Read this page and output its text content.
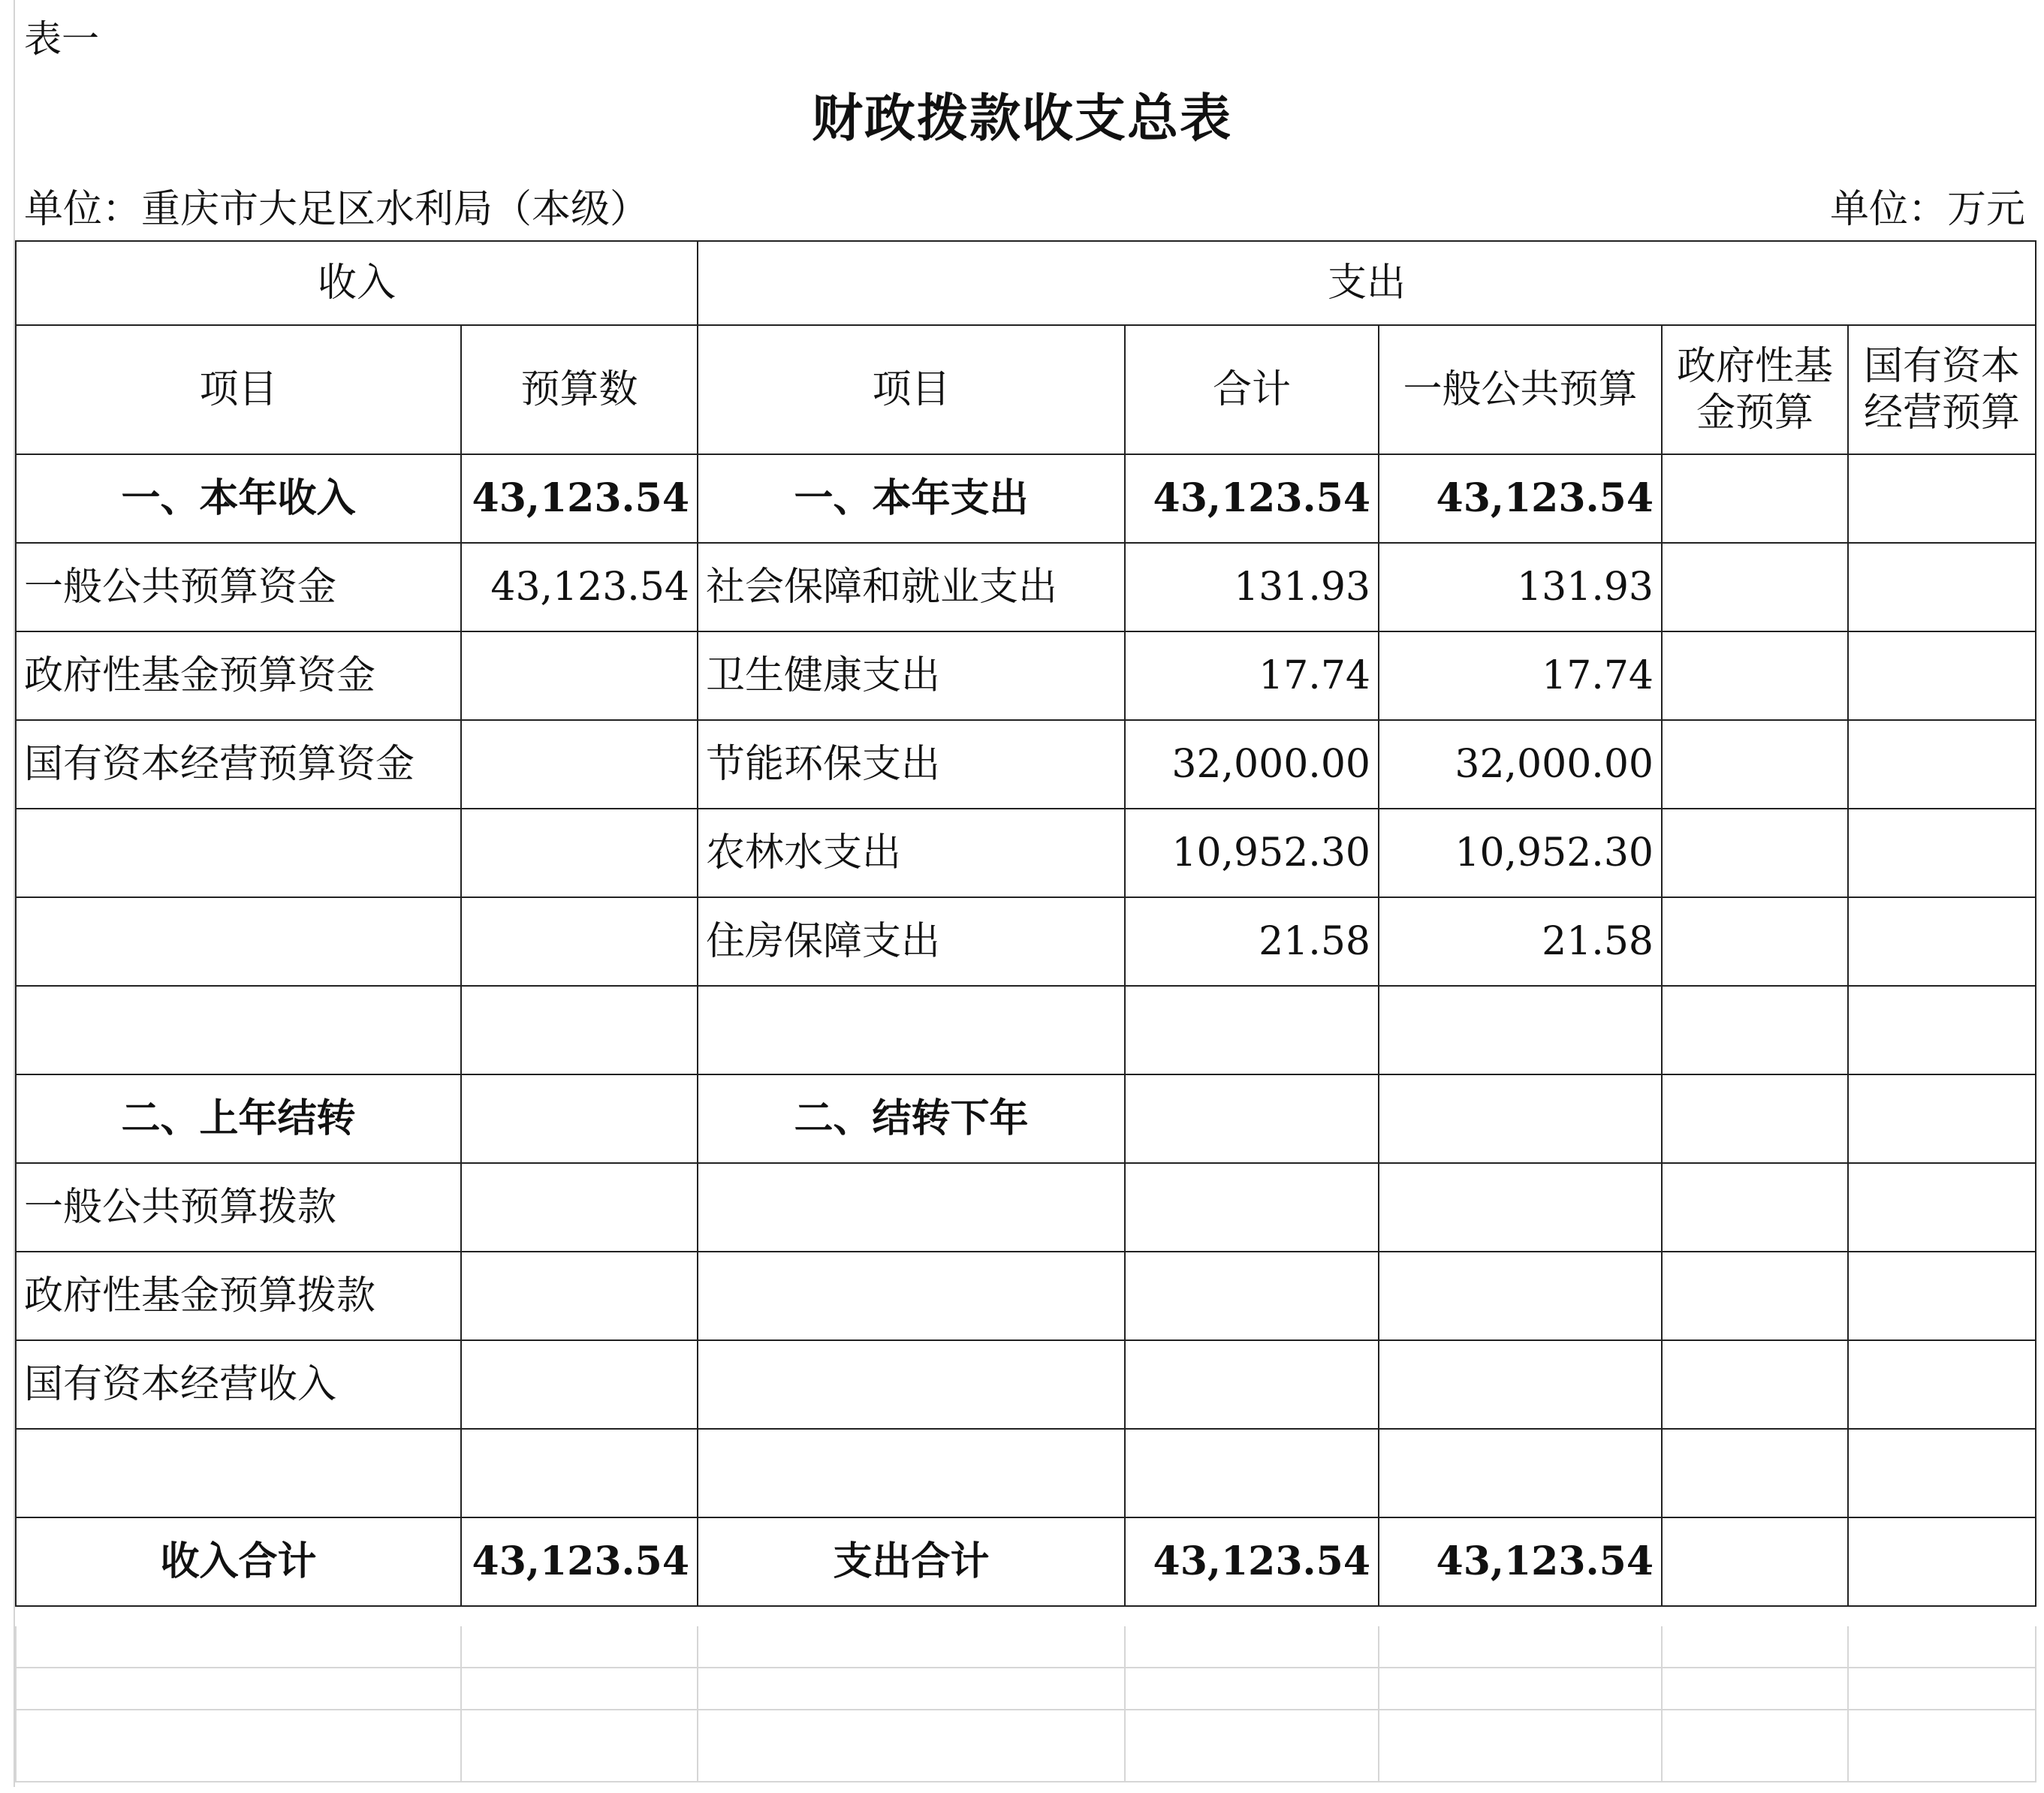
表一
财政拨款收支总表
单位：重庆市大足区水利局（本级）	单位：万元
收入		支出				
项目	预算数	项目	合计	一般公共预算	政府性基金预算	国有资本经营预算
一、本年收入	43,123.54	一、本年支出	43,123.54	43,123.54		
一般公共预算资金	43,123.54	社会保障和就业支出	131.93	131.93		
政府性基金预算资金		卫生健康支出	17.74	17.74		
国有资本经营预算资金		节能环保支出	32,000.00	32,000.00		
		农林水支出	10,952.30	10,952.30		
		住房保障支出	21.58	21.58		

二、上年结转		二、结转下年				
一般公共预算拨款						
政府性基金预算拨款						
国有资本经营收入						

收入合计	43,123.54	支出合计	43,123.54	43,123.54		
